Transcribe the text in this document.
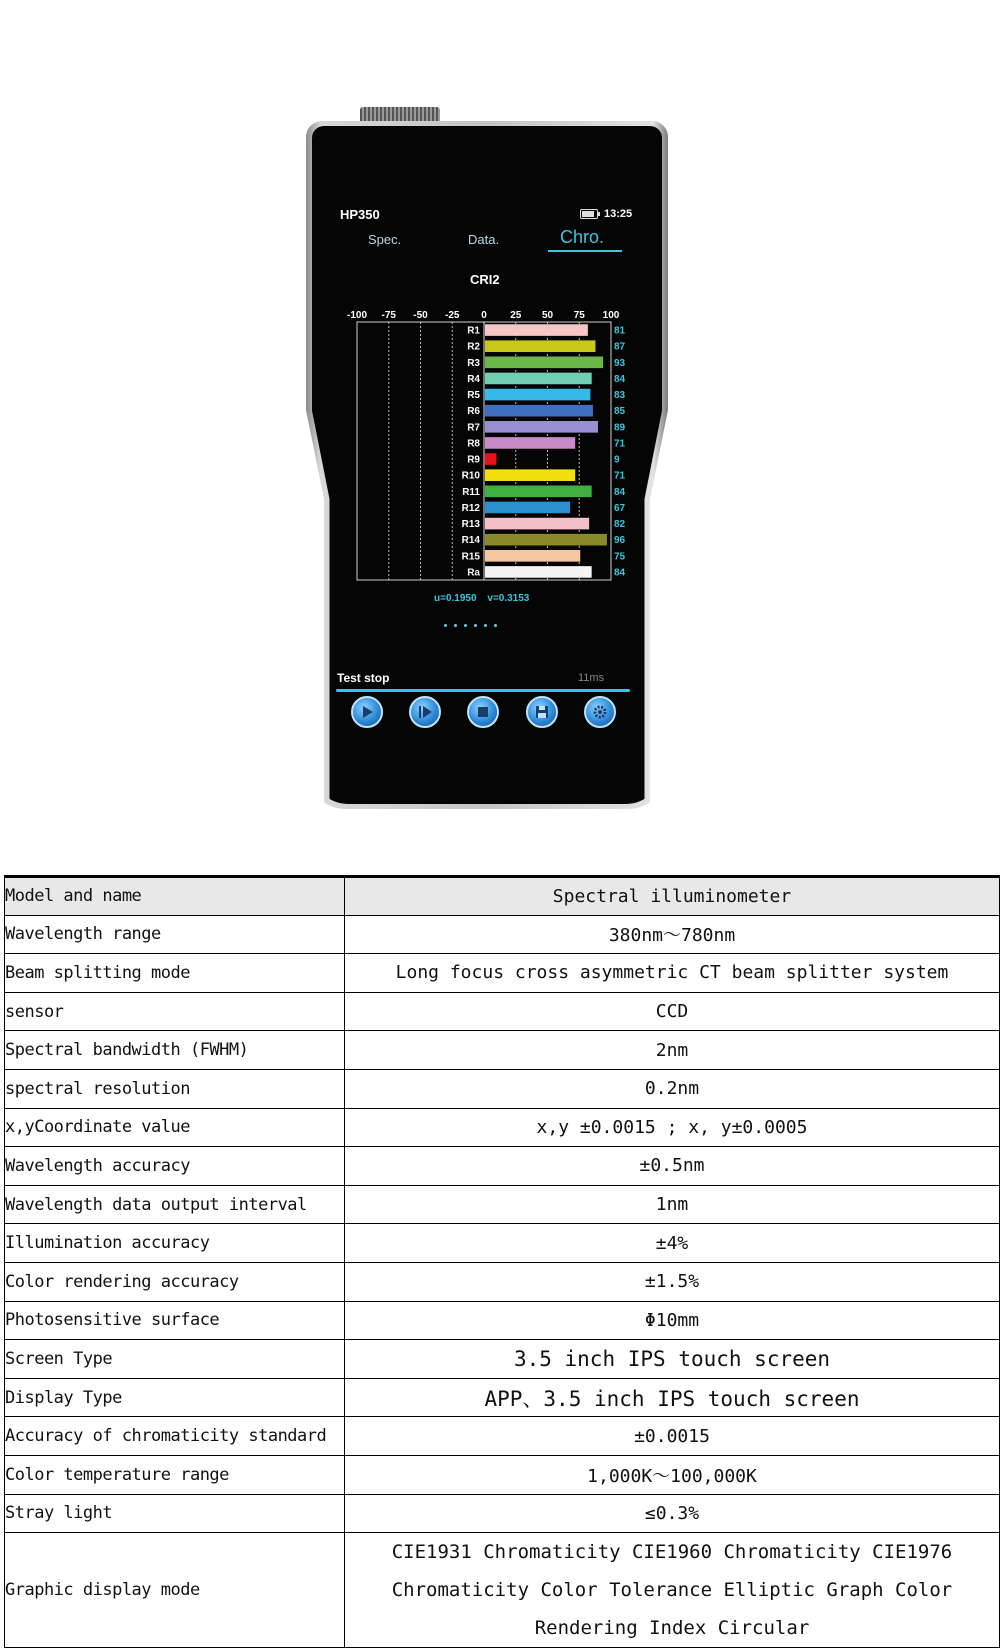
HP350	13:25
Spec.	Data.	Chro.
CRI2
-100 -75 -50 -25 0 25 50 75 100
R1	81
R2	87
R3	93
R4	84
R5	83
R6	85
R7	89
R8	71
R9	9
R10	71
R11	84
R12	67
R13	82
R14	96
R15	75
Ra	84
u=0.1950 v=0.3153
Test stop	11ms
Model and name	Spectral illuminometer
Wavelength range	380nm～780nm
Beam splitting mode	Long focus cross asymmetric CT beam splitter system
sensor	CCD
Spectral bandwidth (FWHM)	2nm
spectral resolution	0.2nm
x,yCoordinate value	x,y ±0.0015 ; x, y±0.0005
Wavelength accuracy	±0.5nm
Wavelength data output interval	1nm
Illumination accuracy	±4%
Color rendering accuracy	±1.5%
Photosensitive surface	Φ10mm
Screen Type	3.5 inch IPS touch screen
Display Type	APP、3.5 inch IPS touch screen
Accuracy of chromaticity standard	±0.0015
Color temperature range	1,000K～100,000K
Stray light	≤0.3%
Graphic display mode	CIE1931 Chromaticity CIE1960 Chromaticity CIE1976 Chromaticity Color Tolerance Elliptic Graph Color Rendering Index Circular
